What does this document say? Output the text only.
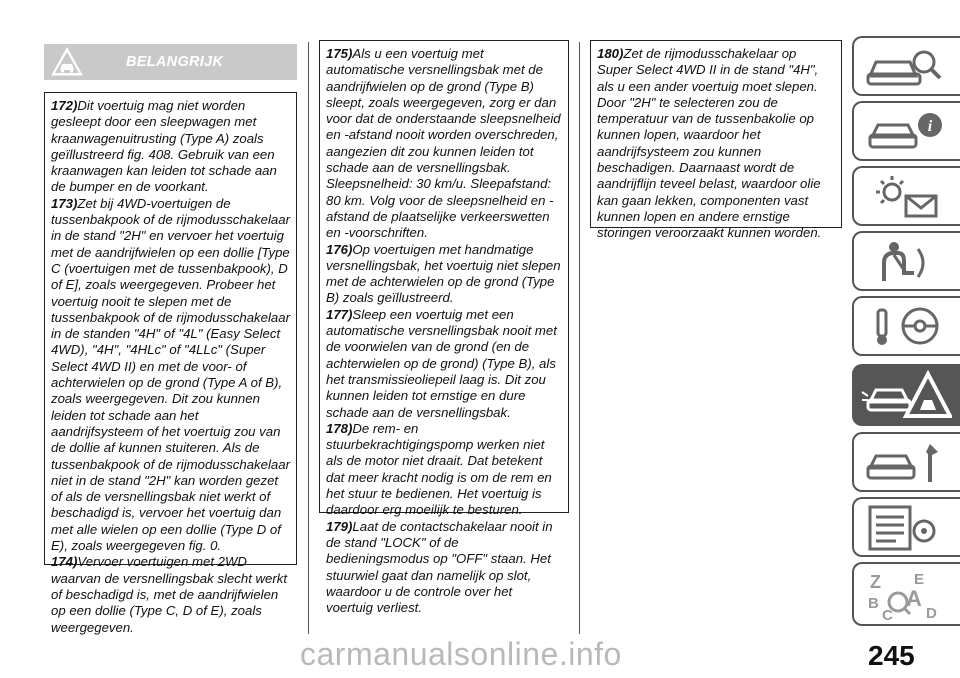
BELANGRIJK
172)Dit voertuig mag niet worden gesleept door een sleepwagen met kraanwagenuitrusting (Type A) zoals geïllustreerd fig. 408. Gebruik van een kraanwagen kan leiden tot schade aan de bumper en de voorkant.
173)Zet bij 4WD-voertuigen de tussenbakpook of de rijmodusschakelaar in de stand "2H" en vervoer het voertuig met de aandrijfwielen op een dollie [Type C (voertuigen met de tussenbakpook), D of E], zoals weergegeven. Probeer het voertuig nooit te slepen met de tussenbakpook of de rijmodusschakelaar in de standen "4H" of "4L" (Easy Select 4WD), "4H", "4HLc" of "4LLc" (Super Select 4WD II) en met de voor- of achterwielen op de grond (Type A of B), zoals weergegeven. Dit zou kunnen leiden tot schade aan het aandrijfsysteem of het voertuig zou van de dollie af kunnen stuiteren. Als de tussenbakpook of de rijmodusschakelaar niet in de stand "2H" kan worden gezet of als de versnellingsbak niet werkt of beschadigd is, vervoer het voertuig dan met alle wielen op een dollie (Type D of E), zoals weergegeven fig. 0.
174)Vervoer voertuigen met 2WD waarvan de versnellingsbak slecht werkt of beschadigd is, met de aandrijfwielen op een dollie (Type C, D of E), zoals weergegeven.
175)Als u een voertuig met automatische versnellingsbak met de aandrijfwielen op de grond (Type B) sleept, zoals weergegeven, zorg er dan voor dat de onderstaande sleepsnelheid en -afstand nooit worden overschreden, aangezien dit zou kunnen leiden tot schade aan de versnellingsbak. Sleepsnelheid: 30 km/u. Sleepafstand: 80 km. Volg voor de sleepsnelheid en -afstand de plaatselijke verkeerswetten en -voorschriften.
176)Op voertuigen met handmatige versnellingsbak, het voertuig niet slepen met de achterwielen op de grond (Type B) zoals geïllustreerd.
177)Sleep een voertuig met een automatische versnellingsbak nooit met de voorwielen van de grond (en de achterwielen op de grond) (Type B), als het transmissieoliepeil laag is. Dit zou kunnen leiden tot ernstige en dure schade aan de versnellingsbak.
178)De rem- en stuurbekrachtigingspomp werken niet als de motor niet draait. Dat betekent dat meer kracht nodig is om de rem en het stuur te bedienen. Het voertuig is daardoor erg moeilijk te besturen.
179)Laat de contactschakelaar nooit in de stand "LOCK" of de bedieningsmodus op "OFF" staan. Het stuurwiel gaat dan namelijk op slot, waardoor u de controle over het voertuig verliest.
180)Zet de rijmodusschakelaar op Super Select 4WD II in de stand "4H", als u een ander voertuig moet slepen. Door "2H" te selecteren zou de temperatuur van de tussenbakolie op kunnen lopen, waardoor het aandrijfsysteem zou kunnen beschadigen. Daarnaast wordt de aandrijflijn teveel belast, waardoor olie kan gaan lekken, componenten vast kunnen lopen en andere ernstige storingen veroorzaakt kunnen worden.
i
Z E
B A
C D
carmanualsonline.info	245
